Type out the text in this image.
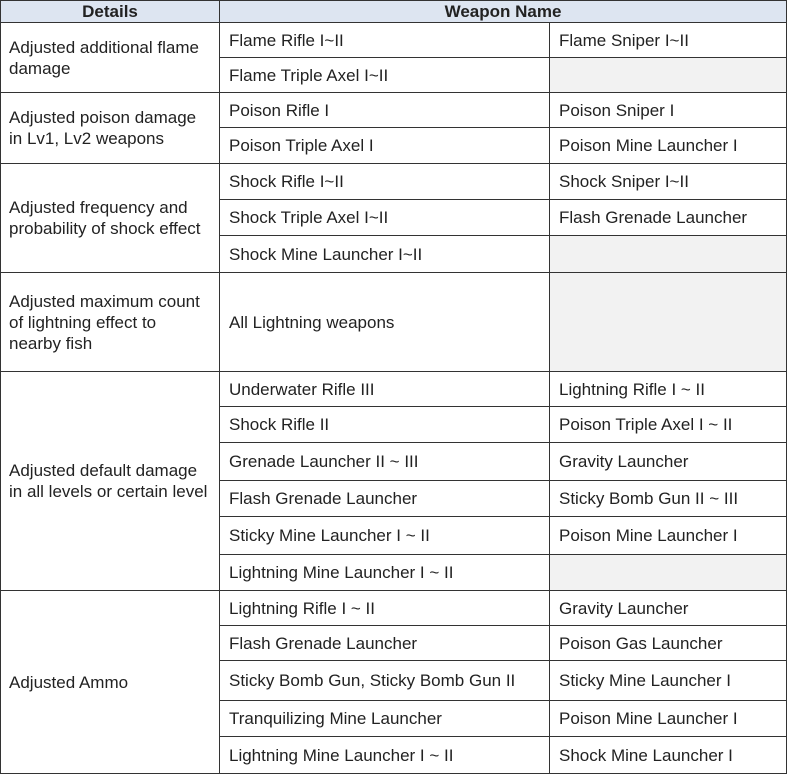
Details	Weapon Name	
Adjusted additional flame damage	Flame Rifle I~II	Flame Sniper I~II
	Flame Triple Axel I~II	
Adjusted poison damage in Lv1, Lv2 weapons	Poison Rifle I	Poison Sniper I
	Poison Triple Axel I	Poison Mine Launcher I
Adjusted frequency and probability of shock effect	Shock Rifle I~II	Shock Sniper I~II
	Shock Triple Axel I~II	Flash Grenade Launcher
	Shock Mine Launcher I~II	
Adjusted maximum count of lightning effect to nearby fish	All Lightning weapons	
Adjusted default damage in all levels or certain level	Underwater Rifle III	Lightning Rifle I ~ II
	Shock Rifle II	Poison Triple Axel I ~ II
	Grenade Launcher II ~ III	Gravity Launcher
	Flash Grenade Launcher	Sticky Bomb Gun II ~ III
	Sticky Mine Launcher I ~ II	Poison Mine Launcher I
	Lightning Mine Launcher I ~ II	
Adjusted Ammo	Lightning Rifle I ~ II	Gravity Launcher
	Flash Grenade Launcher	Poison Gas Launcher
	Sticky Bomb Gun, Sticky Bomb Gun II	Sticky Mine Launcher I
	Tranquilizing Mine Launcher	Poison Mine Launcher I
	Lightning Mine Launcher I ~ II	Shock Mine Launcher I
